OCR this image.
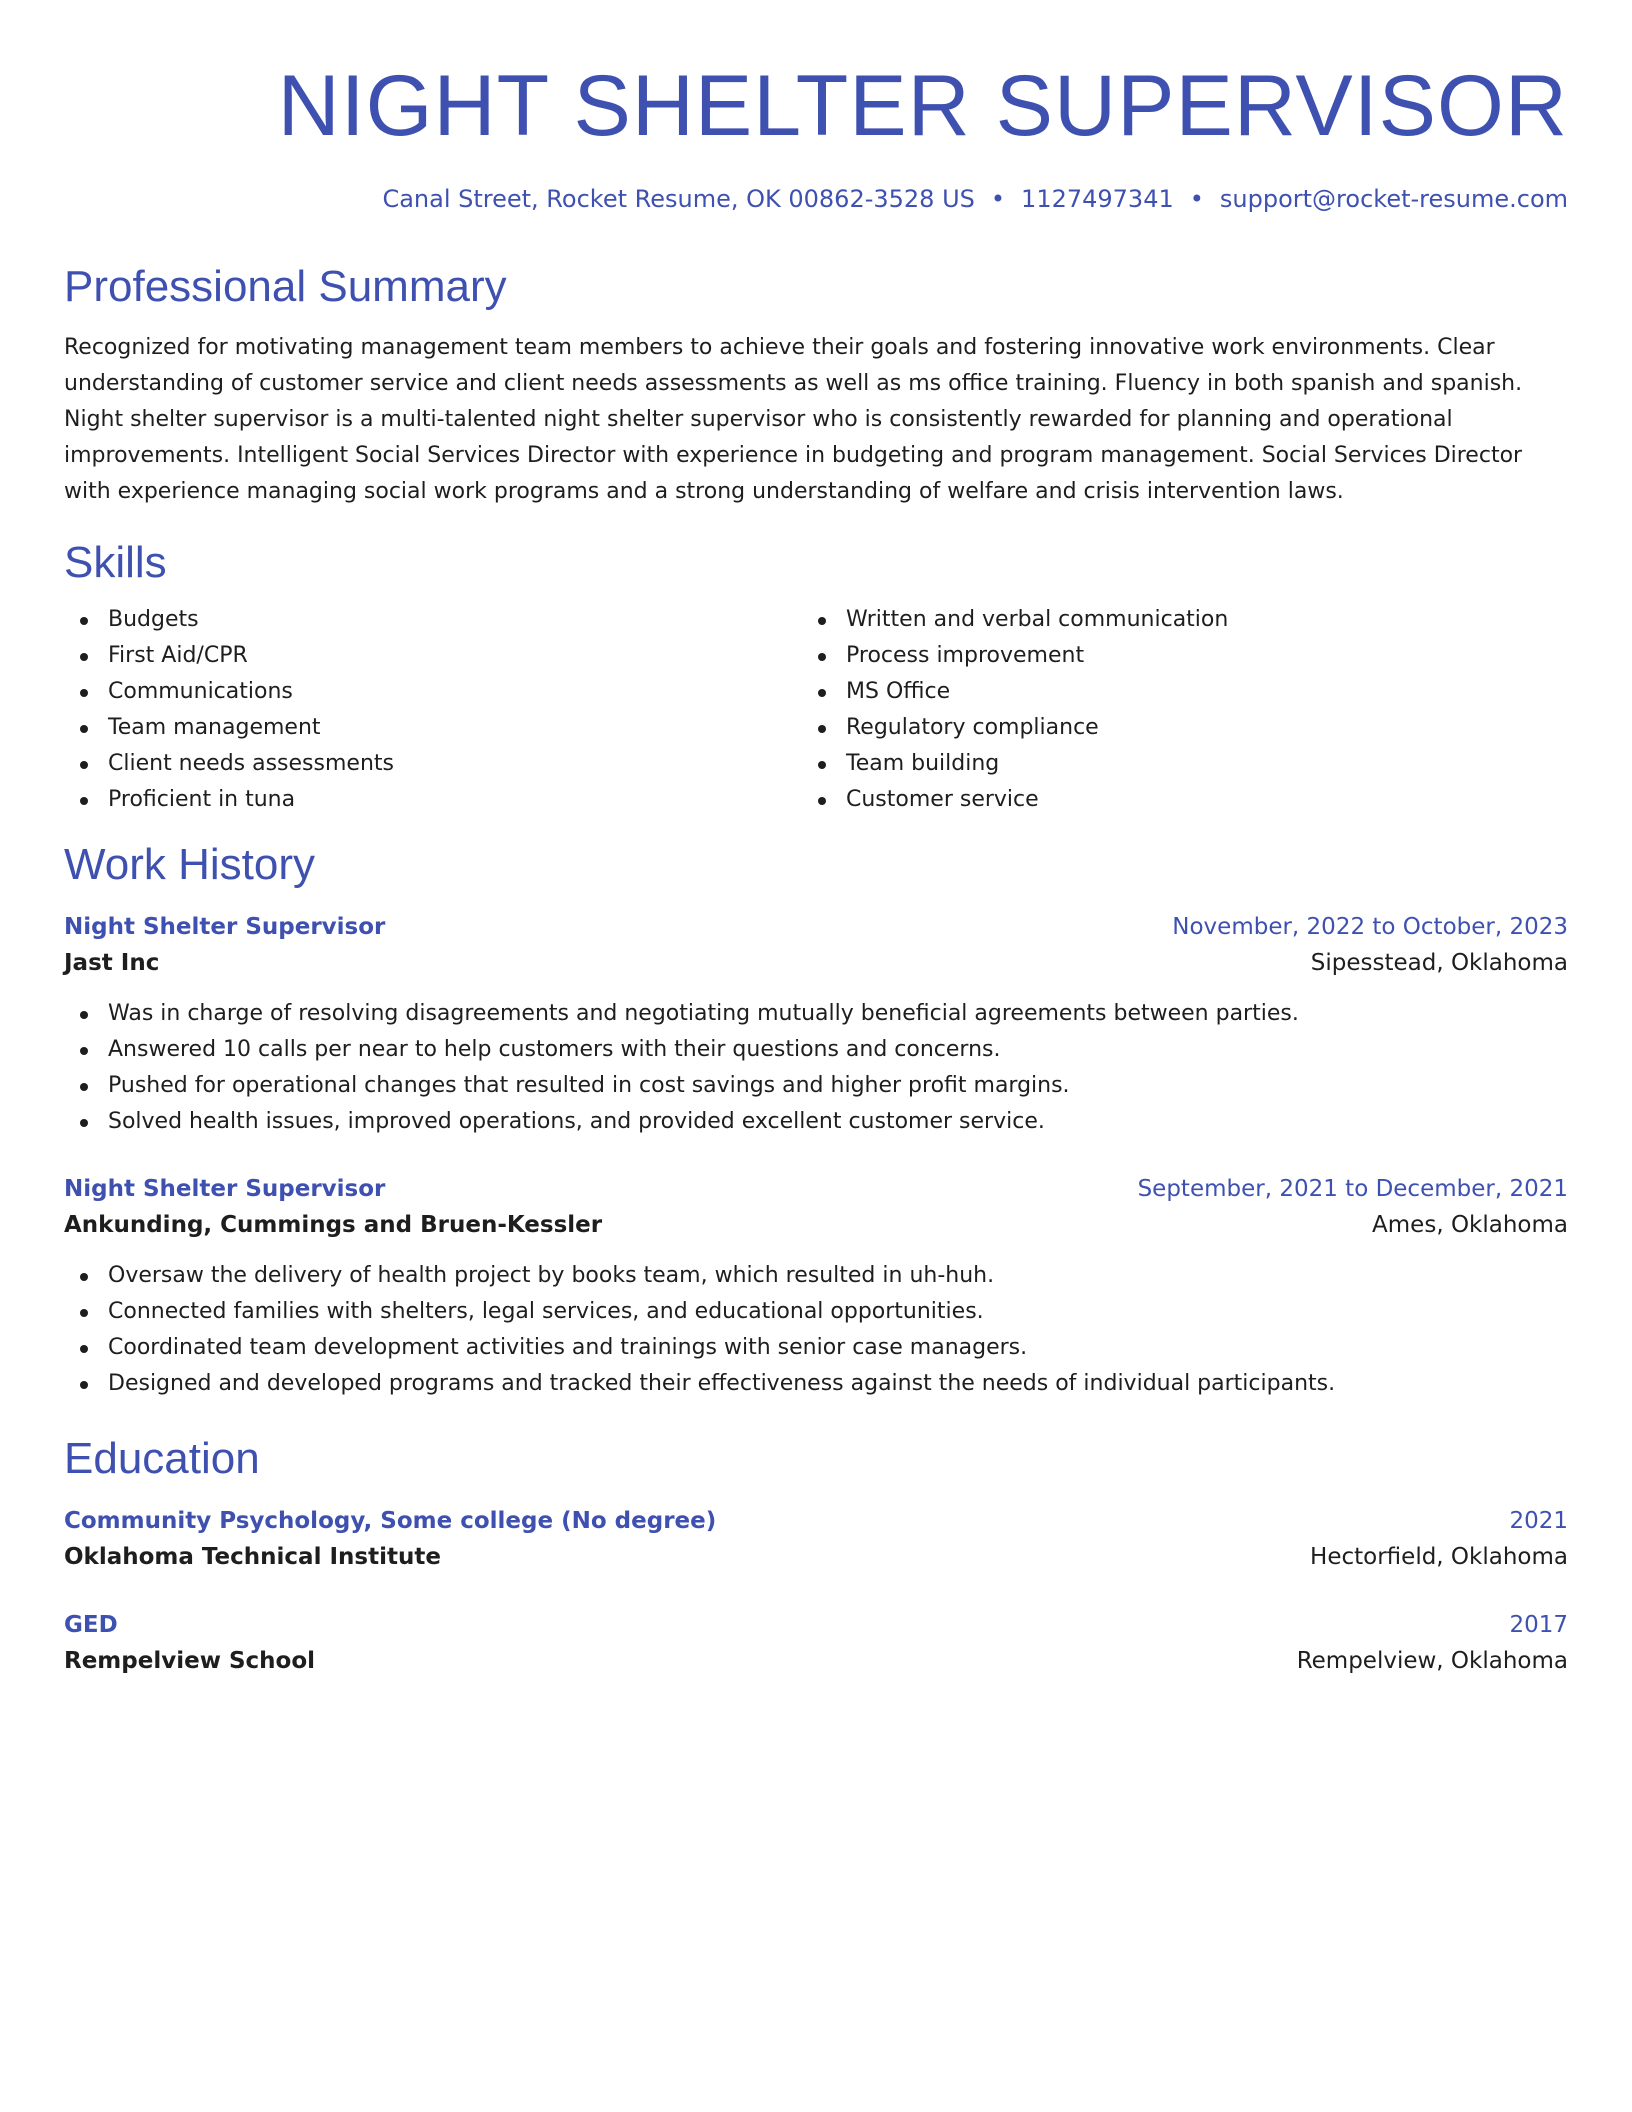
NIGHT SHELTER SUPERVISOR
Canal Street, Rocket Resume, OK 00862-3528 US • 1127497341 • support@rocket-resume.com
Professional Summary

Recognized for motivating management team members to achieve their goals and fostering innovative work environments. Clear understanding of customer service and client needs assessments as well as ms office training. Fluency in both spanish and spanish. Night shelter supervisor is a multi-talented night shelter supervisor who is consistently rewarded for planning and operational improvements. Intelligent Social Services Director with experience in budgeting and program management. Social Services Director with experience managing social work programs and a strong understanding of welfare and crisis intervention laws.

Skills
Budgets
First Aid/CPR
Communications
Team management
Client needs assessments
Proficient in tuna
Written and verbal communication
Process improvement
MS Office
Regulatory compliance
Team building
Customer service
Work History
Night Shelter Supervisor	November, 2022 to October, 2023
Jast Inc	Sipesstead, Oklahoma
Was in charge of resolving disagreements and negotiating mutually beneficial agreements between parties.
Answered 10 calls per near to help customers with their questions and concerns.
Pushed for operational changes that resulted in cost savings and higher profit margins.
Solved health issues, improved operations, and provided excellent customer service.
Night Shelter Supervisor	September, 2021 to December, 2021
Ankunding, Cummings and Bruen-Kessler	Ames, Oklahoma
Oversaw the delivery of health project by books team, which resulted in uh-huh.
Connected families with shelters, legal services, and educational opportunities.
Coordinated team development activities and trainings with senior case managers.
Designed and developed programs and tracked their effectiveness against the needs of individual participants.
Education
Community Psychology, Some college (No degree)	2021
Oklahoma Technical Institute	Hectorfield, Oklahoma
GED	2017
Rempelview School	Rempelview, Oklahoma
